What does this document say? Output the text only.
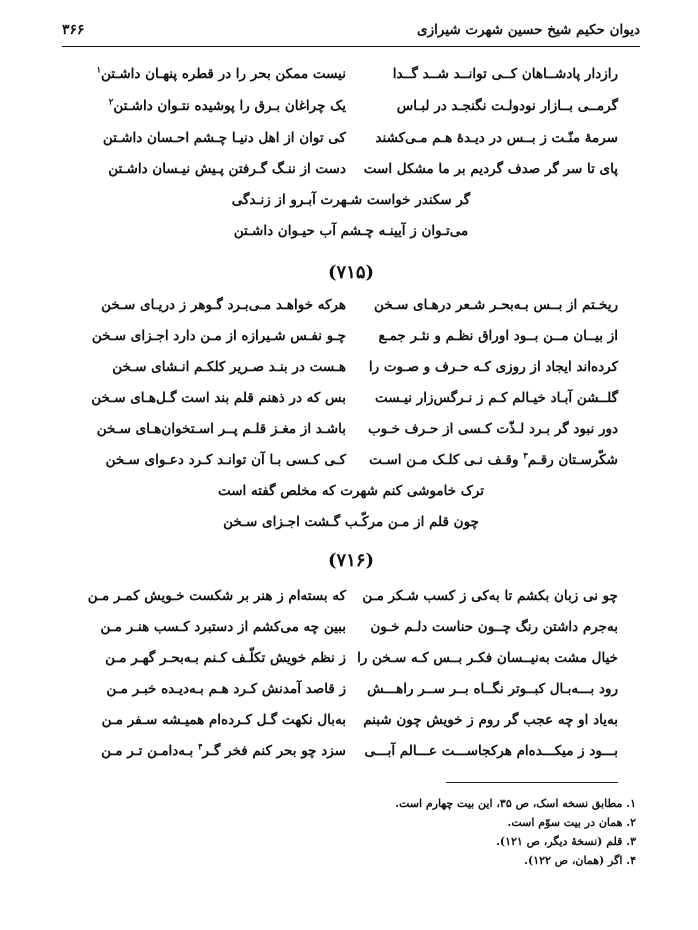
دیوان حکیم شیخ حسین شهرت شیرازی
۳۶۶
رازدار پادشــاهان کــی توانــد شــد گــدا
نیست ممکن بحر را در قطره پنهـان داشـتن$^۱$
گرمــی بــازار نودولـت نگنجـد در لبـاس
یک چراغان بـرق را پوشیده نتـوان داشـتن$^۲$
سرمهٔ منّـت ز بــس در دیـدهٔ هـم مـی‌کشند
کی توان از اهل دنیـا چـشم احـسان داشـتن
پای تا سر گر صدف گردیم بر ما مشکل است
دست از ننـگ گـرفتن پـیش نیـسان داشـتن
گر سکندر خواست شـهرت آبـرو از زنـدگی
می‌تـوان ز آیینـه چـشم آب حیـوان داشـتن
(۷۱۵)
ریخـتم از بــس بـه‌بحـر شـعر درهـای سـخن
هرکه خواهـد مـی‌بـرد گـوهر ز دریـای سـخن
از بیــان مــن بــود اوراق نظـم و نثـر جمـع
چـو نفـس شـیرازه از مـن دارد اجـزای سـخن
کرده‌اند ایجاد از روزی کـه حـرف و صـوت را
هـست در بنـد صـریر کلکـم انـشای سـخن
گلــشن آبـاد خیـالم کـم ز نـرگس‌زار نیـست
بس که در ذهنم قلم بند است گـل‌هـای سـخن
دور نبود گر بـرد لـذّت کـسی از حـرف خـوب
باشـد از مغـز قلـم پــر اسـتخوان‌هـای سـخن
شکّرسـتان رقـم$^۳$ وقـف نـی کلـک مـن اسـت
کـی کـسی بـا آن توانـد کـرد دعـوای سـخن
ترک خاموشی کنم شهرت که مخلص گفته است
چون قلم از مـن مرکّـب گـشت اجـزای سـخن
(۷۱۶)
چو نی زبان بکشم تا به‌کی ز کسب شـکر مـن
که بسته‌ام ز هنر بر شکست خـویش کمـر مـن
به‌جرم داشتن رنگ چــون حناست دلـم خـون
ببین چه می‌کشم از دستبرد کـسب هنـر مـن
خیال مشت به‌نیــسان فکـر بــس کـه سـخن را
ز نظم خویش تکلّـف کـنم بـه‌بحـر گهـر مـن
رود بـــه‌بـال کبــوتر نگــاه بــر ســر راهـــش
ز قاصد آمدنش کـرد هـم بـه‌دیـده خبـر مـن
به‌یاد او چه عجب گر روم ز خویش چون شبنم
به‌بال نکهت گـل کـرده‌ام همیـشه سـفر مـن
بـــود ز میکـــده‌ام هرکجاســـت عـــالم آبـــی
سزد چو بحر کنم فخر گـر$^۴$ بـه‌دامـن تـر مـن
۱. مطابق نسخه اسک، ص ۳۵، این بیت چهارم است.
۲. همان در بیت سوّم است.
۳. قلم (نسخهٔ دیگر، ص ۱۲۱).
۴. اگر (همان، ص ۱۲۲).
